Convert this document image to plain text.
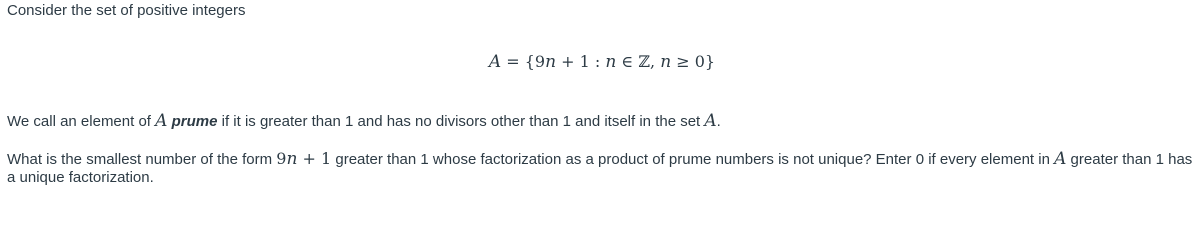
Consider the set of positive integers
A = {9n + 1 : n ∈ ℤ, n ≥ 0}
We call an element of A prume if it is greater than 1 and has no divisors other than 1 and itself in the set A.
What is the smallest number of the form 9n + 1 greater than 1 whose factorization as a product of prume numbers is not unique? Enter 0 if every element in A greater than 1 has a unique factorization.
